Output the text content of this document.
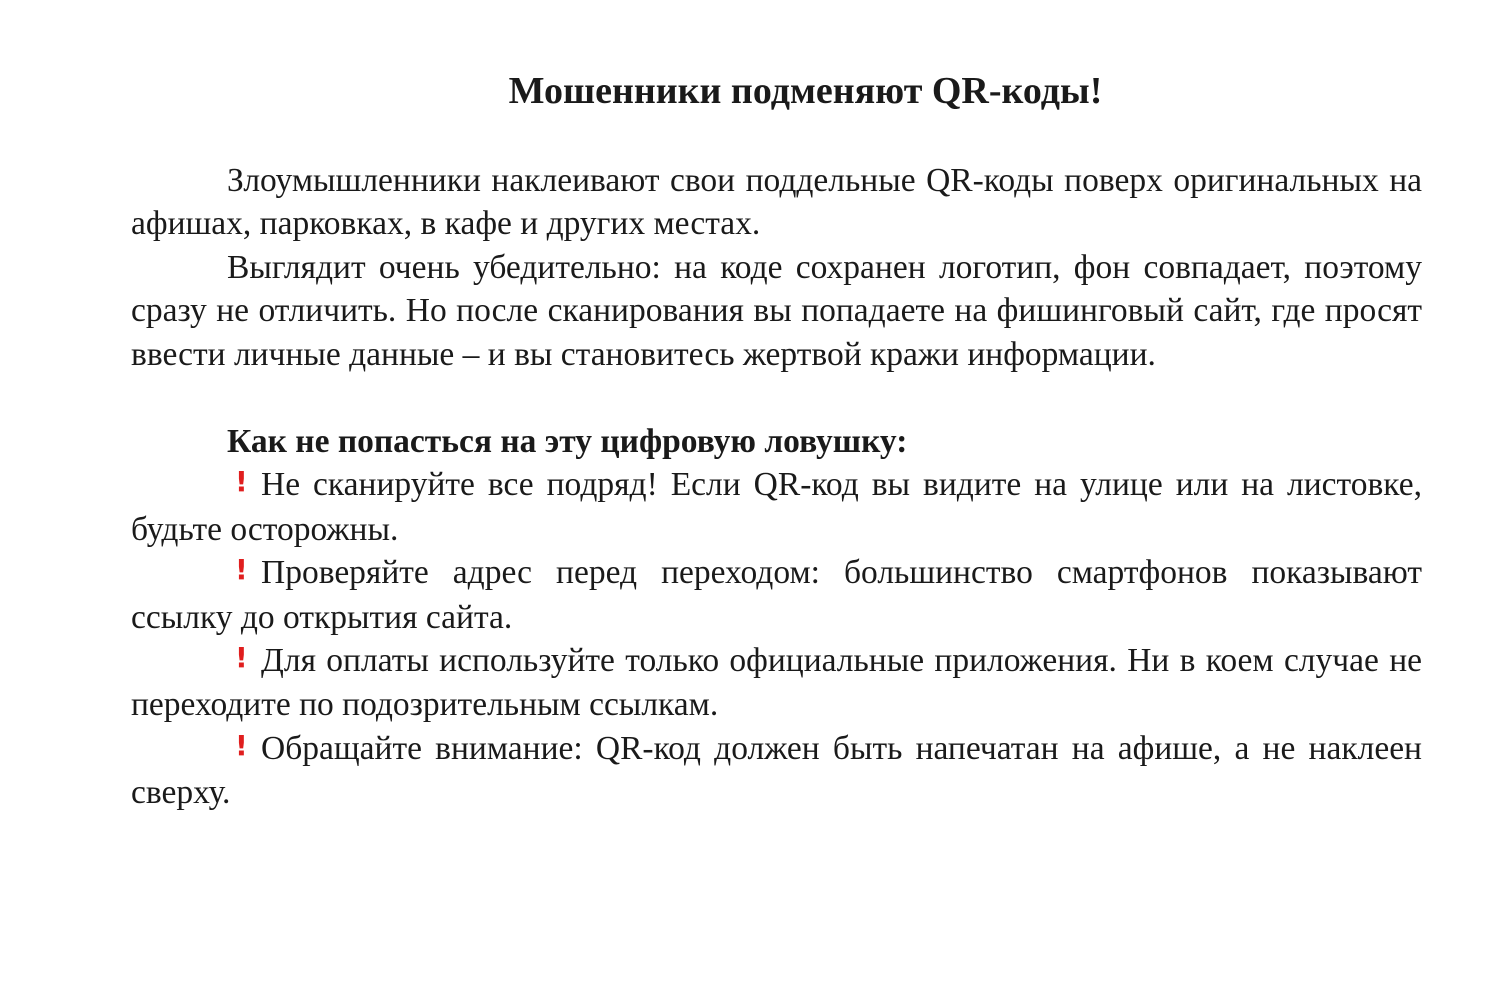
Мошенники подменяют QR-коды!

Злоумышленники наклеивают свои поддельные QR-коды поверх оригинальных на афишах, парковках, в кафе и других местах.

Выглядит очень убедительно: на коде сохранен логотип, фон совпадает, поэтому сразу не отличить. Но после сканирования вы попадаете на фишинговый сайт, где просят ввести личные данные – и вы становитесь жертвой кражи информации.

Как не попасться на эту цифровую ловушку:

! Не сканируйте все подряд! Если QR-код вы видите на улице или на листовке, будьте осторожны.

! Проверяйте адрес перед переходом: большинство смартфонов показывают ссылку до открытия сайта.

! Для оплаты используйте только официальные приложения. Ни в коем случае не переходите по подозрительным ссылкам.

! Обращайте внимание: QR-код должен быть напечатан на афише, а не наклеен сверху.
